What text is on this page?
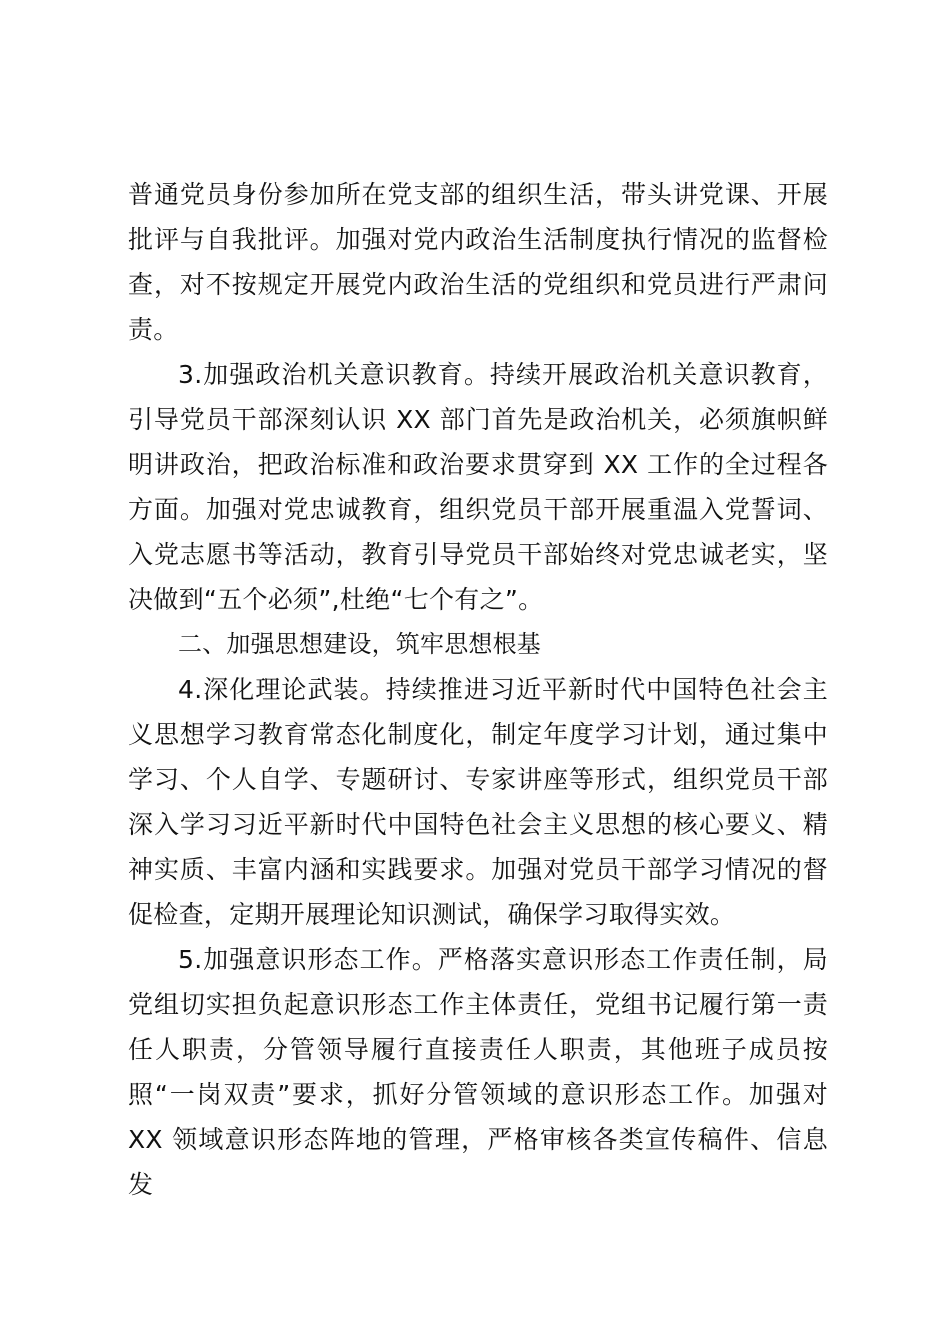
普通党员身份参加所在党支部的组织生活，带头讲党课、开展批评与自我批评。加强对党内政治生活制度执行情况的监督检查，对不按规定开展党内政治生活的党组织和党员进行严肃问责。

3.加强政治机关意识教育。持续开展政治机关意识教育，引导党员干部深刻认识 XX 部门首先是政治机关，必须旗帜鲜明讲政治，把政治标准和政治要求贯穿到 XX 工作的全过程各方面。加强对党忠诚教育，组织党员干部开展重温入党誓词、入党志愿书等活动，教育引导党员干部始终对党忠诚老实，坚决做到“五个必须”,杜绝“七个有之”。

二、加强思想建设，筑牢思想根基

4.深化理论武装。持续推进习近平新时代中国特色社会主义思想学习教育常态化制度化，制定年度学习计划，通过集中学习、个人自学、专题研讨、专家讲座等形式，组织党员干部深入学习习近平新时代中国特色社会主义思想的核心要义、精神实质、丰富内涵和实践要求。加强对党员干部学习情况的督促检查，定期开展理论知识测试，确保学习取得实效。

5.加强意识形态工作。严格落实意识形态工作责任制，局党组切实担负起意识形态工作主体责任，党组书记履行第一责任人职责，分管领导履行直接责任人职责，其他班子成员按照“一岗双责”要求，抓好分管领域的意识形态工作。加强对 XX 领域意识形态阵地的管理，严格审核各类宣传稿件、信息发
